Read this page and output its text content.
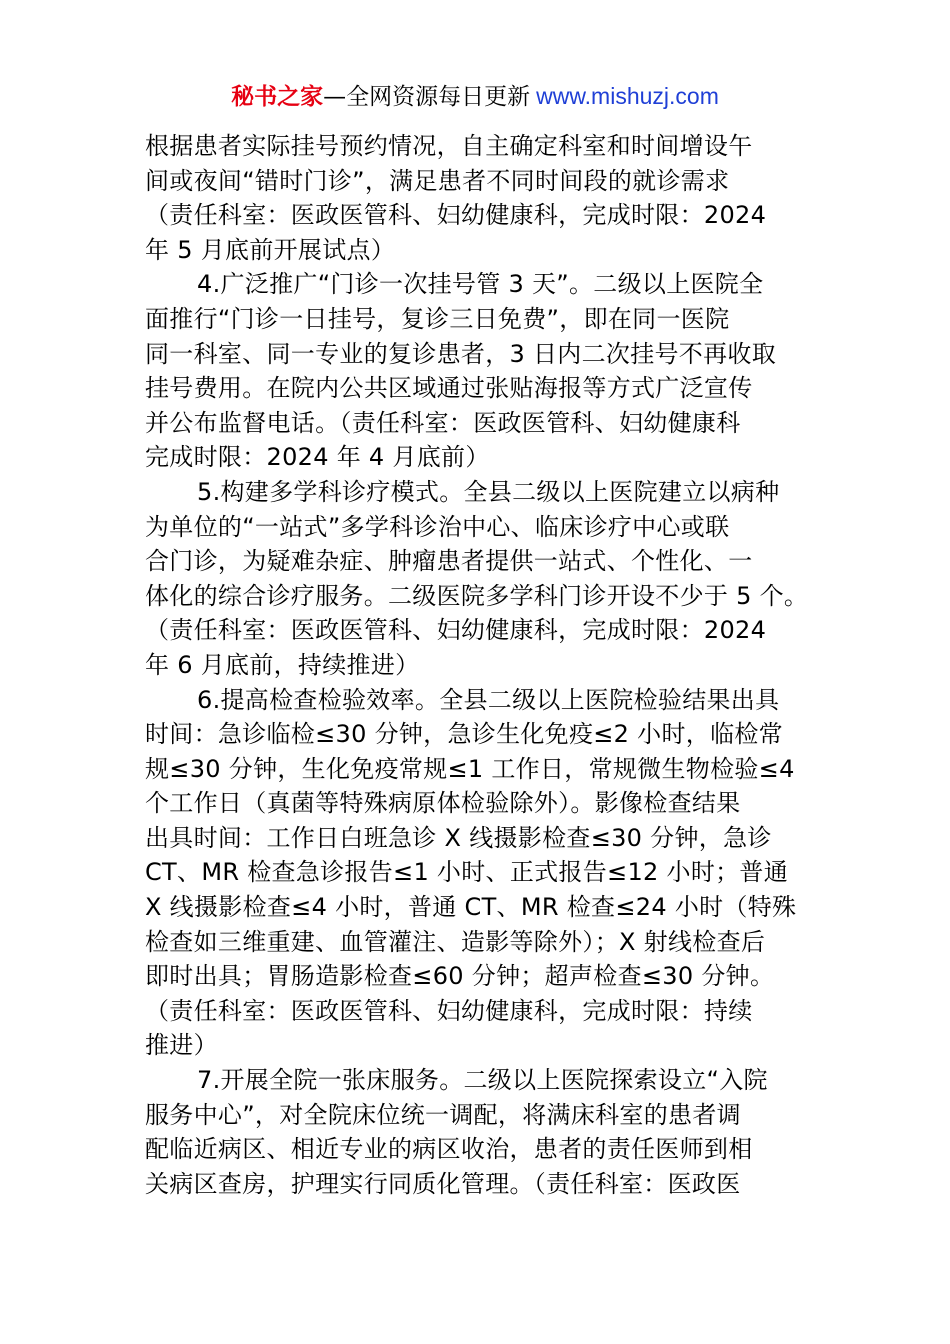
秘书之家—全网资源每日更新 www.mishuzj.com
根据患者实际挂号预约情况，自主确定科室和时间增设午
间或夜间“错时门诊”，满足患者不同时间段的就诊需求
（责任科室：医政医管科、妇幼健康科，完成时限：2024
年 5 月底前开展试点）
4.广泛推广“门诊一次挂号管 3 天”。二级以上医院全
面推行“门诊一日挂号，复诊三日免费”，即在同一医院
同一科室、同一专业的复诊患者，3 日内二次挂号不再收取
挂号费用。在院内公共区域通过张贴海报等方式广泛宣传
并公布监督电话。（责任科室：医政医管科、妇幼健康科
完成时限：2024 年 4 月底前）
5.构建多学科诊疗模式。全县二级以上医院建立以病种
为单位的“一站式”多学科诊治中心、临床诊疗中心或联
合门诊，为疑难杂症、肿瘤患者提供一站式、个性化、一
体化的综合诊疗服务。二级医院多学科门诊开设不少于 5 个。
（责任科室：医政医管科、妇幼健康科，完成时限：2024
年 6 月底前，持续推进）
6.提高检查检验效率。全县二级以上医院检验结果出具
时间：急诊临检≤30 分钟，急诊生化免疫≤2 小时，临检常
规≤30 分钟，生化免疫常规≤1 工作日，常规微生物检验≤4
个工作日（真菌等特殊病原体检验除外）。影像检查结果
出具时间：工作日白班急诊 X 线摄影检查≤30 分钟，急诊
CT、MR 检查急诊报告≤1 小时、正式报告≤12 小时；普通
X 线摄影检查≤4 小时，普通 CT、MR 检查≤24 小时（特殊
检查如三维重建、血管灌注、造影等除外）；X 射线检查后
即时出具；胃肠造影检查≤60 分钟；超声检查≤30 分钟。
（责任科室：医政医管科、妇幼健康科，完成时限：持续
推进）
7.开展全院一张床服务。二级以上医院探索设立“入院
服务中心”，对全院床位统一调配，将满床科室的患者调
配临近病区、相近专业的病区收治，患者的责任医师到相
关病区查房，护理实行同质化管理。（责任科室：医政医
